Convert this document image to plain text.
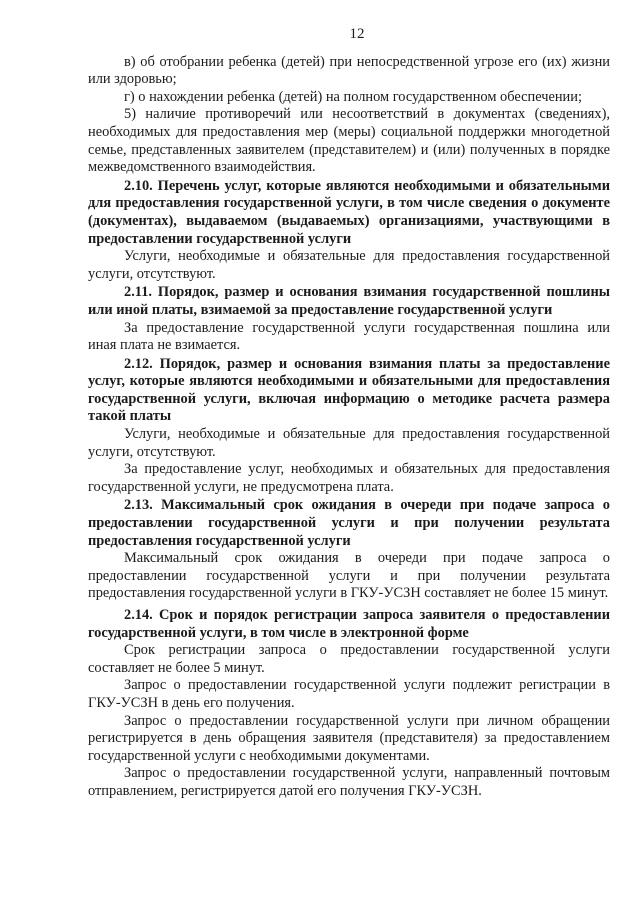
12

в) об отобрании ребенка (детей) при непосредственной угрозе его (их) жизни или здоровью;

г) о нахождении ребенка (детей) на полном государственном обеспечении;

5) наличие противоречий или несоответствий в документах (сведениях), необходимых для предоставления мер (меры) социальной поддержки многодетной семье, представленных заявителем (представителем) и (или) полученных в порядке межведомственного взаимодействия.

2.10. Перечень услуг, которые являются необходимыми и обязательными для предоставления государственной услуги, в том числе сведения о документе (документах), выдаваемом (выдаваемых) организациями, участвующими в предоставлении государственной услуги

Услуги, необходимые и обязательные для предоставления государственной услуги, отсутствуют.

2.11. Порядок, размер и основания взимания государственной пошлины или иной платы, взимаемой за предоставление государственной услуги

За предоставление государственной услуги государственная пошлина или иная плата не взимается.

2.12. Порядок, размер и основания взимания платы за предоставление услуг, которые являются необходимыми и обязательными для предоставления государственной услуги, включая информацию о методике расчета размера такой платы

Услуги, необходимые и обязательные для предоставления государственной услуги, отсутствуют.

За предоставление услуг, необходимых и обязательных для предоставления государственной услуги, не предусмотрена плата.

2.13. Максимальный срок ожидания в очереди при подаче запроса о предоставлении государственной услуги и при получении результата предоставления государственной услуги

Максимальный срок ожидания в очереди при подаче запроса о предоставлении государственной услуги и при получении результата предоставления государственной услуги в ГКУ-УСЗН составляет не более 15 минут.

2.14. Срок и порядок регистрации запроса заявителя о предоставлении государственной услуги, в том числе в электронной форме

Срок регистрации запроса о предоставлении государственной услуги составляет не более 5 минут.

Запрос о предоставлении государственной услуги подлежит регистрации в ГКУ-УСЗН в день его получения.

Запрос о предоставлении государственной услуги при личном обращении регистрируется в день обращения заявителя (представителя) за предоставлением государственной услуги с необходимыми документами.

Запрос о предоставлении государственной услуги, направленный почтовым отправлением, регистрируется датой его получения ГКУ-УСЗН.
